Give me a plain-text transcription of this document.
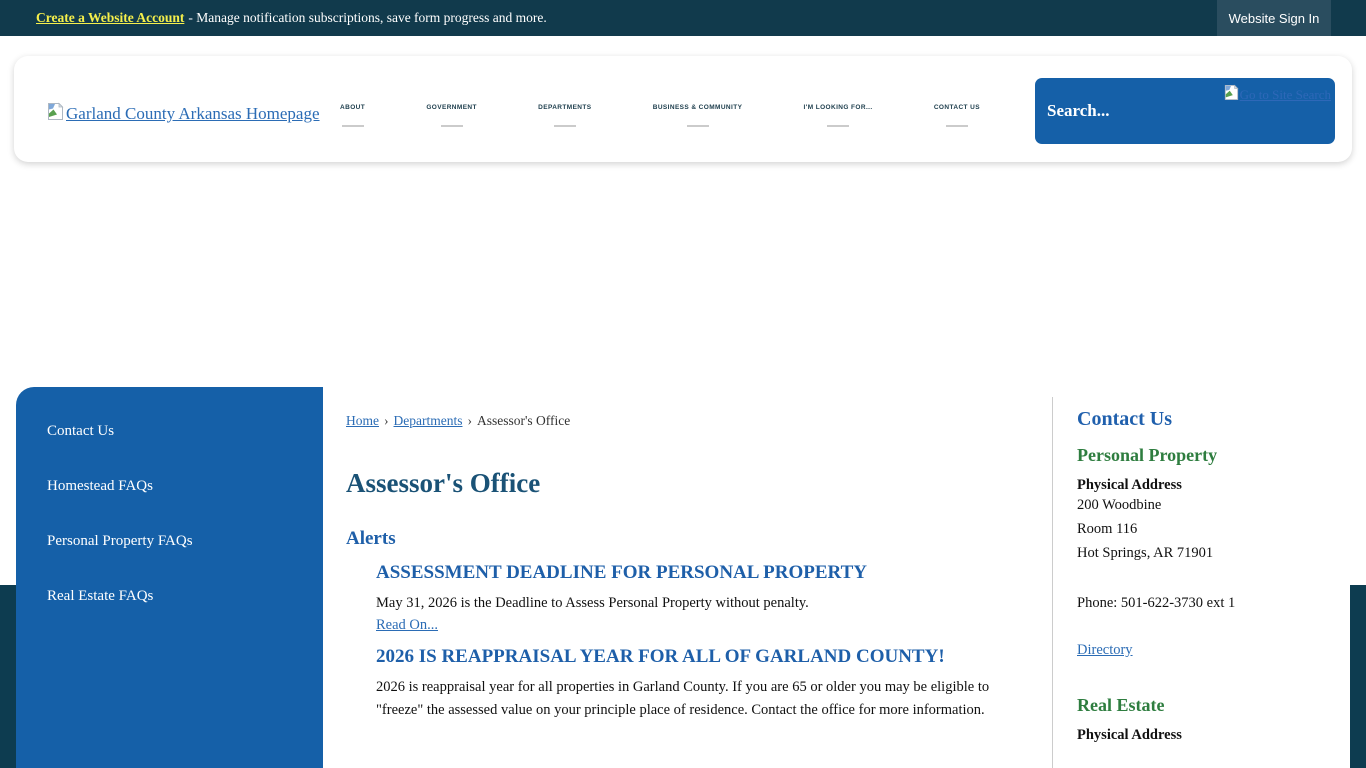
Create a Website Account - Manage notification subscriptions, save form progress and more.	Website Sign In
Garland County Arkansas Homepage	ABOUT	GOVERNMENT	DEPARTMENTS	BUSINESS & COMMUNITY	I'M LOOKING FOR...	CONTACT US
Search...
Go to Site Search
Contact Us
Homestead FAQs
Personal Property FAQs
Real Estate FAQs
Home › Departments › Assessor's Office
Assessor's Office
Alerts
ASSESSMENT DEADLINE FOR PERSONAL PROPERTY
May 31, 2026 is the Deadline to Assess Personal Property without penalty.
Read On...
2026 IS REAPPRAISAL YEAR FOR ALL OF GARLAND COUNTY!
2026 is reappraisal year for all properties in Garland County. If you are 65 or older you may be eligible to "freeze" the assessed value on your principle place of residence. Contact the office for more information.
Contact Us
Personal Property
Physical Address
200 Woodbine
Room 116
Hot Springs, AR 71901
Phone: 501-622-3730 ext 1
Directory
Real Estate
Physical Address
